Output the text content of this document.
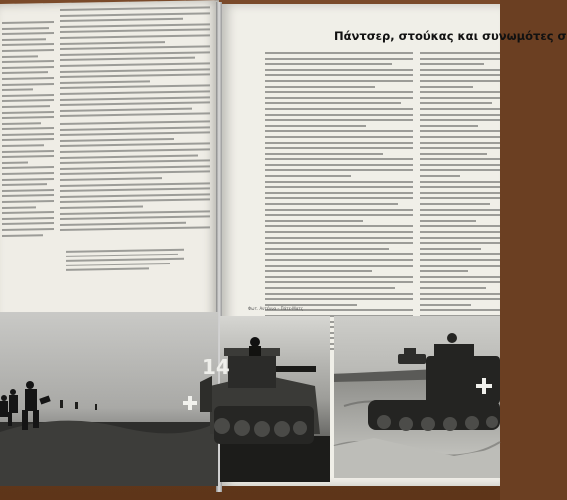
Πάντσερ, στούκας και συνωμότες σ
Φωτ. Αντέννα – Πάτε-Ματς
14
